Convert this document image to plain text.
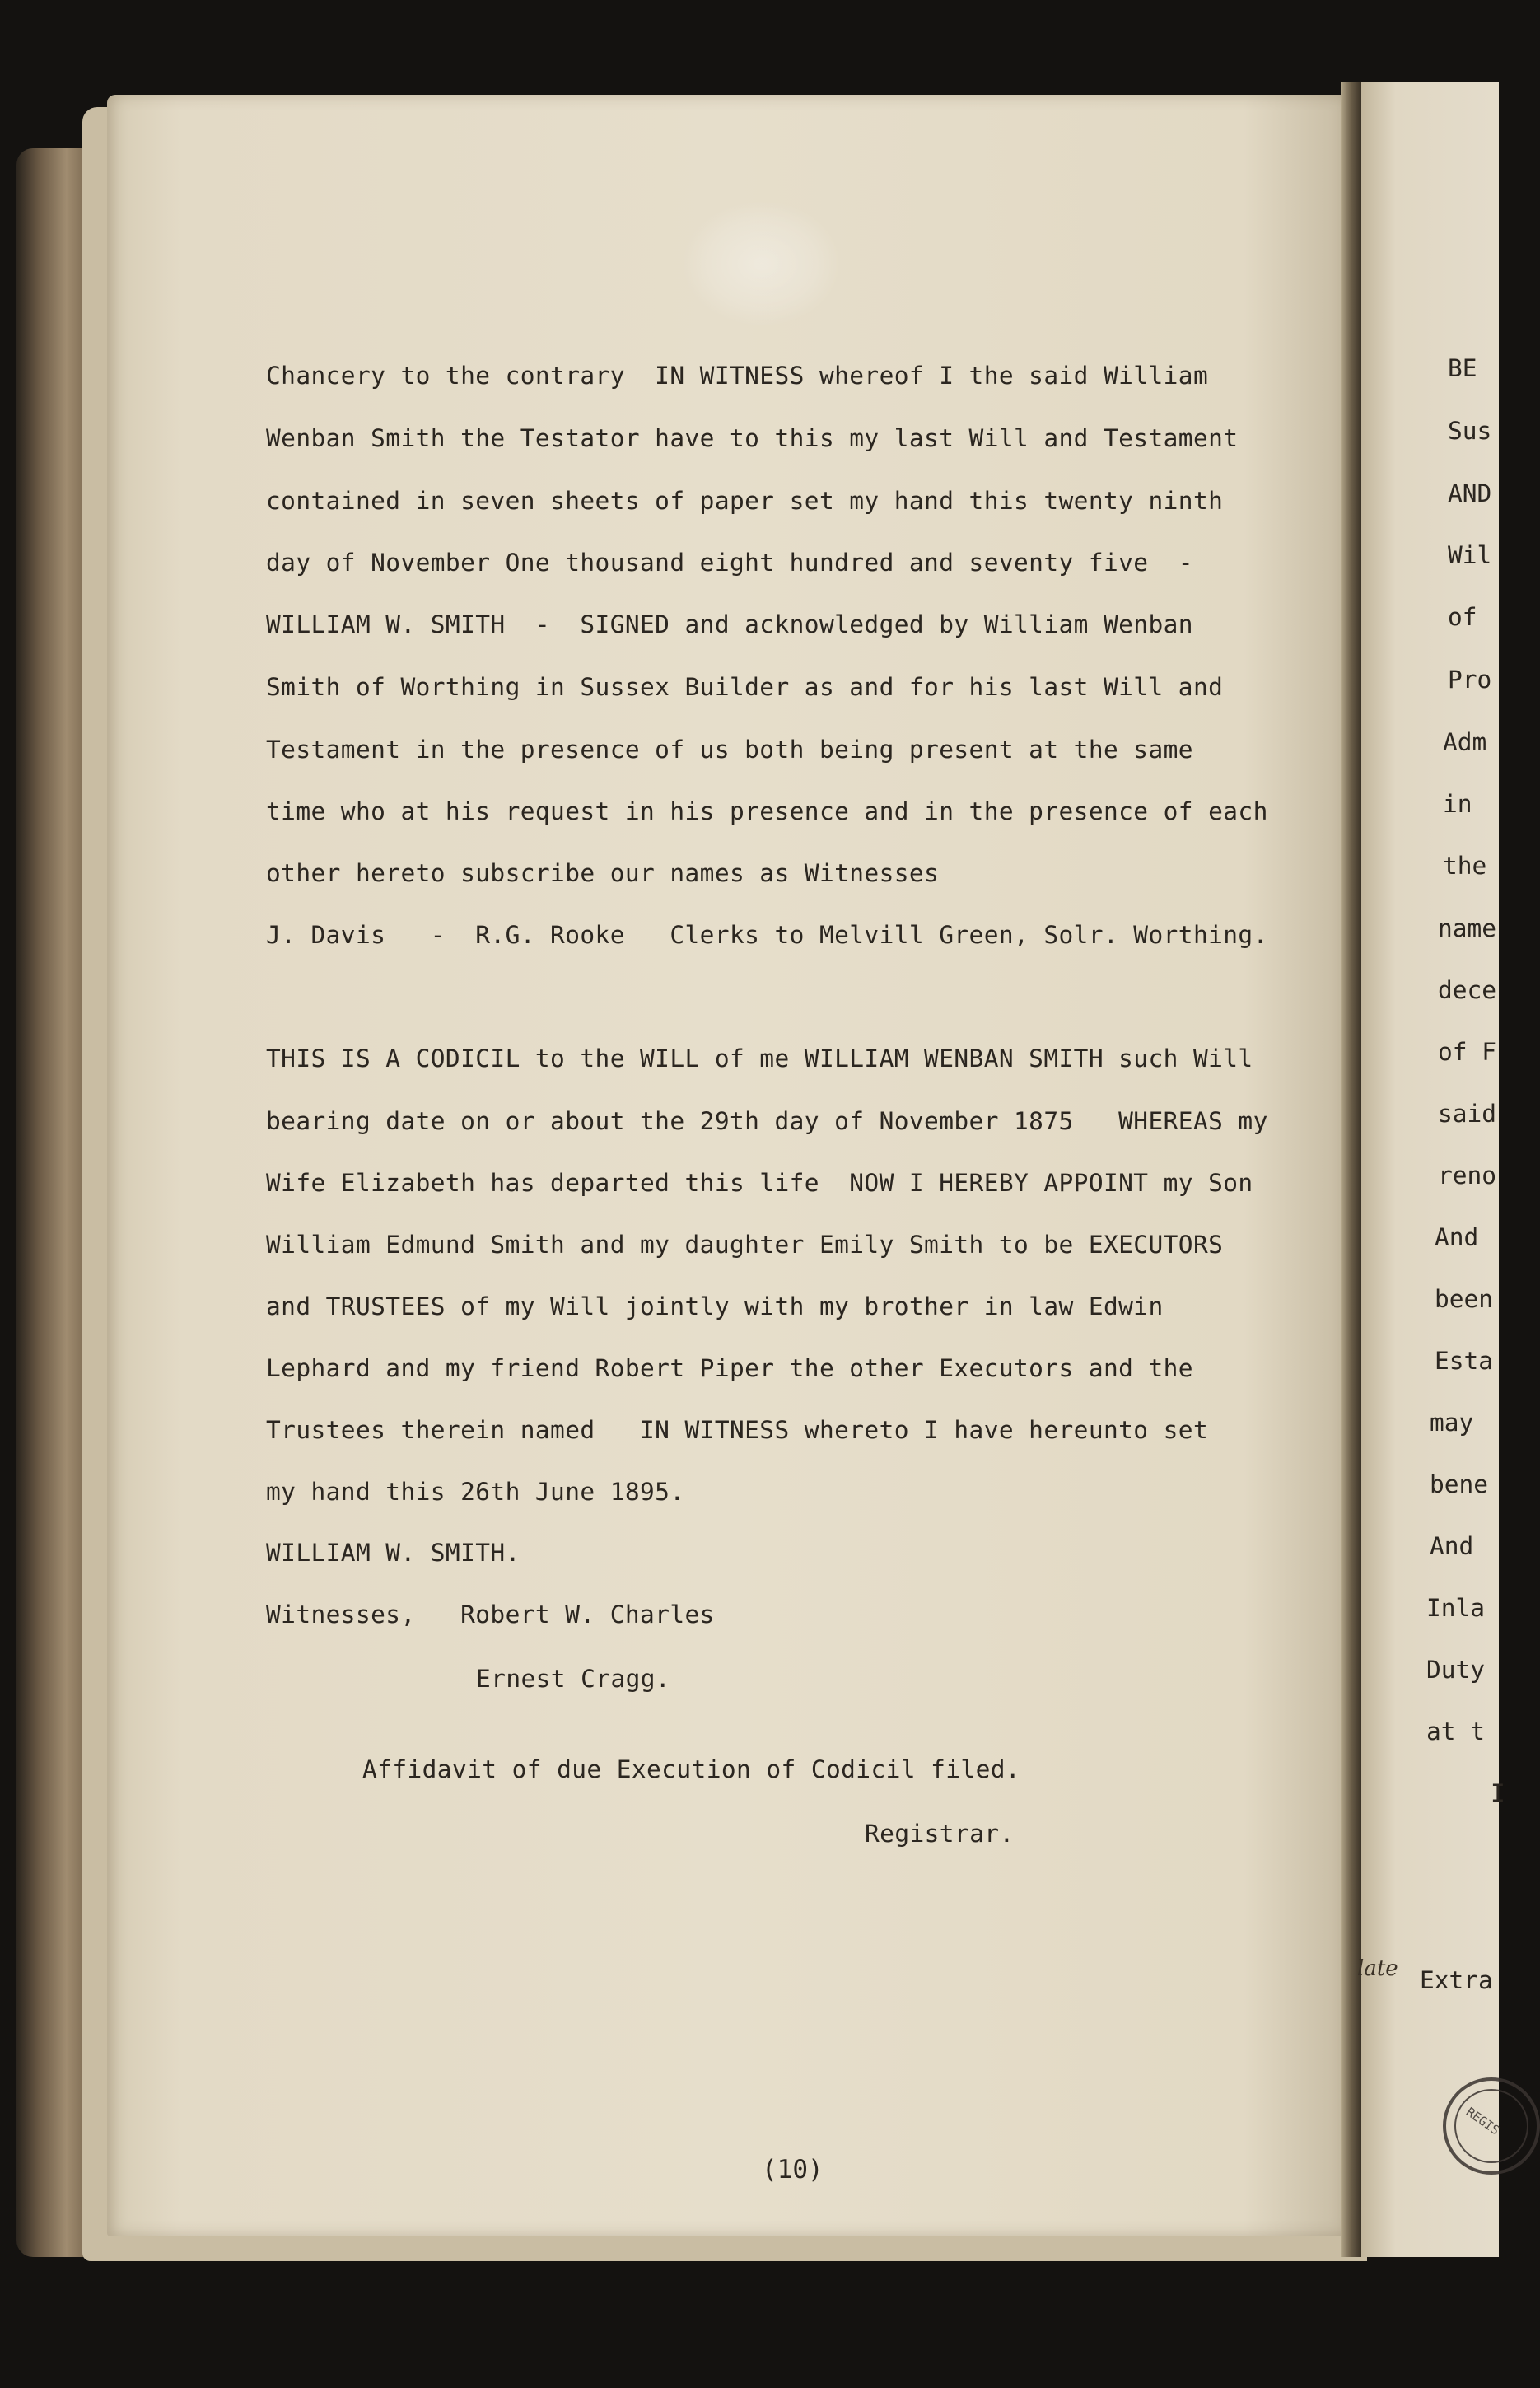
Chancery to the contrary  IN WITNESS whereof I the said William

Wenban Smith the Testator have to this my last Will and Testament

contained in seven sheets of paper set my hand this twenty ninth

day of November One thousand eight hundred and seventy five  -

WILLIAM W. SMITH  -  SIGNED and acknowledged by William Wenban

Smith of Worthing in Sussex Builder as and for his last Will and

Testament in the presence of us both being present at the same

time who at his request in his presence and in the presence of each

other hereto subscribe our names as Witnesses

J. Davis   -  R.G. Rooke   Clerks to Melvill Green, Solr. Worthing.

THIS IS A CODICIL to the WILL of me WILLIAM WENBAN SMITH such Will

bearing date on or about the 29th day of November 1875   WHEREAS my

Wife Elizabeth has departed this life  NOW I HEREBY APPOINT my Son

William Edmund Smith and my daughter Emily Smith to be EXECUTORS

and TRUSTEES of my Will jointly with my brother in law Edwin

Lephard and my friend Robert Piper the other Executors and the

Trustees therein named   IN WITNESS whereto I have hereunto set

my hand this 26th June 1895.

WILLIAM W. SMITH.

Witnesses,   Robert W. Charles

Ernest Cragg.

Affidavit of due Execution of Codicil filed.

Registrar.

(10)

BE

Sus

AND

Wil

of

Pro

Adm

in

the

name

dece

of F

said

reno

And

been

Esta

may

bene

And

Inla

Duty

at t

I

Extra

late
REGIS
